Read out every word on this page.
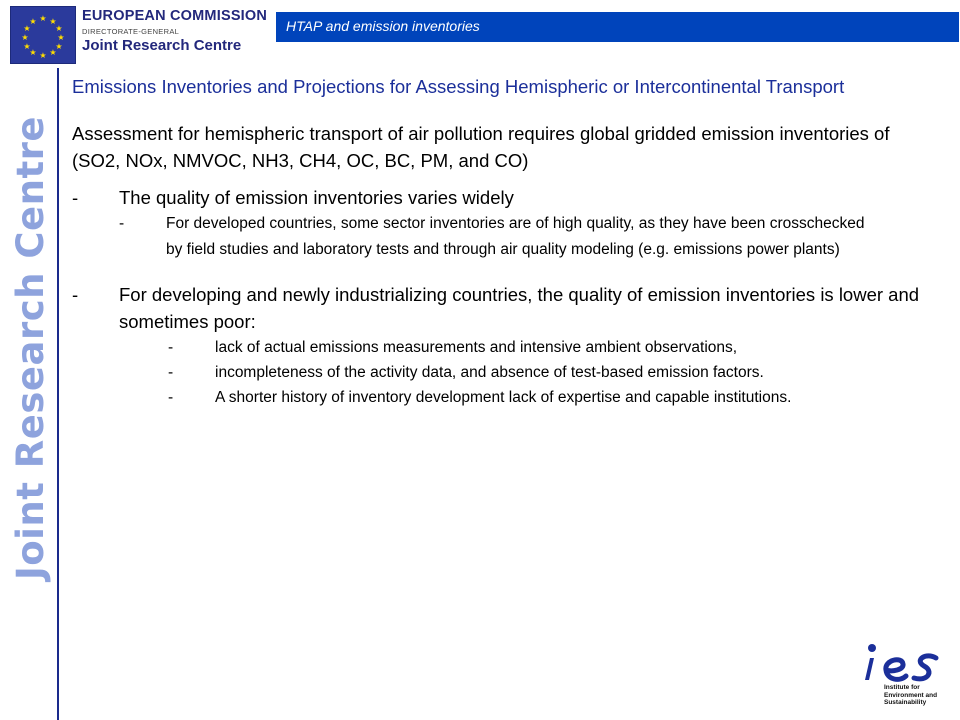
★ ★
★
★
★
★
★
★
★
★
★
★	EUROPEAN COMMISSION
DIRECTORATE-GENERAL
Joint Research Centre
HTAP and emission inventories
Joint Research Centre
Emissions Inventories and Projections for Assessing Hemispheric or Intercontinental Transport
Assessment for hemispheric transport of air pollution requires global gridded emission inventories of (SO2, NOx, NMVOC, NH3, CH4, OC, BC, PM, and CO)
- The quality of emission inventories varies widely
-	For developed countries, some sector inventories are of high quality, as they have been crosschecked by field studies and laboratory tests and through air quality modeling (e.g. emissions power plants)
- For developing and newly industrializing countries, the quality of emission inventories is lower and sometimes poor:
-	lack of actual emissions measurements and intensive ambient observations,
-	incompleteness of the activity data, and absence of test-based emission factors.
-	A shorter history of inventory development lack of expertise and capable institutions.
Institute for Environment and Sustainability
